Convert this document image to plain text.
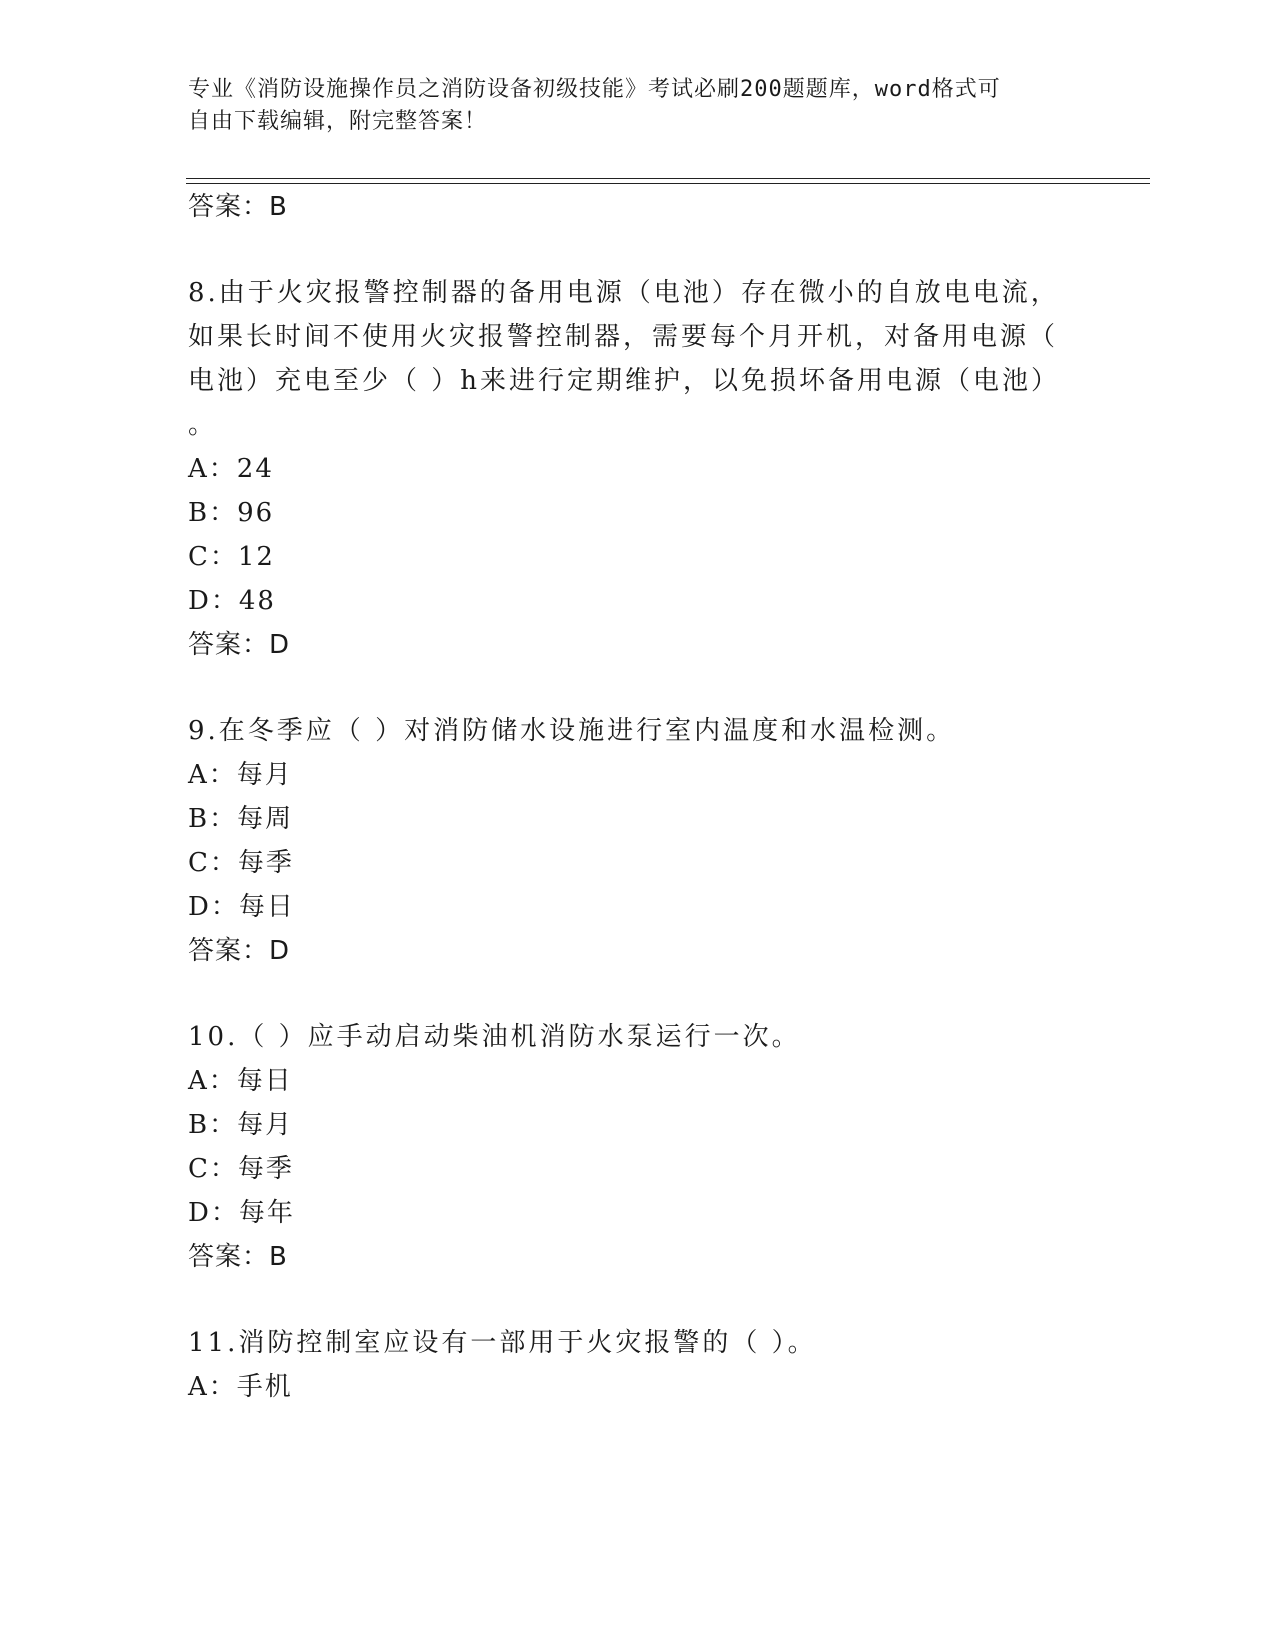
专业《消防设施操作员之消防设备初级技能》考试必刷200题题库，word格式可
自由下载编辑，附完整答案！
答案：B
8.由于火灾报警控制器的备用电源（电池）存在微小的自放电电流，
如果长时间不使用火灾报警控制器，需要每个月开机，对备用电源（
电池）充电至少（ ）h来进行定期维护，以免损坏备用电源（电池）
。
A：24
B：96
C：12
D：48
答案：D
9.在冬季应（ ）对消防储水设施进行室内温度和水温检测。
A：每月
B：每周
C：每季
D：每日
答案：D
10.（ ）应手动启动柴油机消防水泵运行一次。
A：每日
B：每月
C：每季
D：每年
答案：B
11.消防控制室应设有一部用于火灾报警的（ ）。
A：手机
